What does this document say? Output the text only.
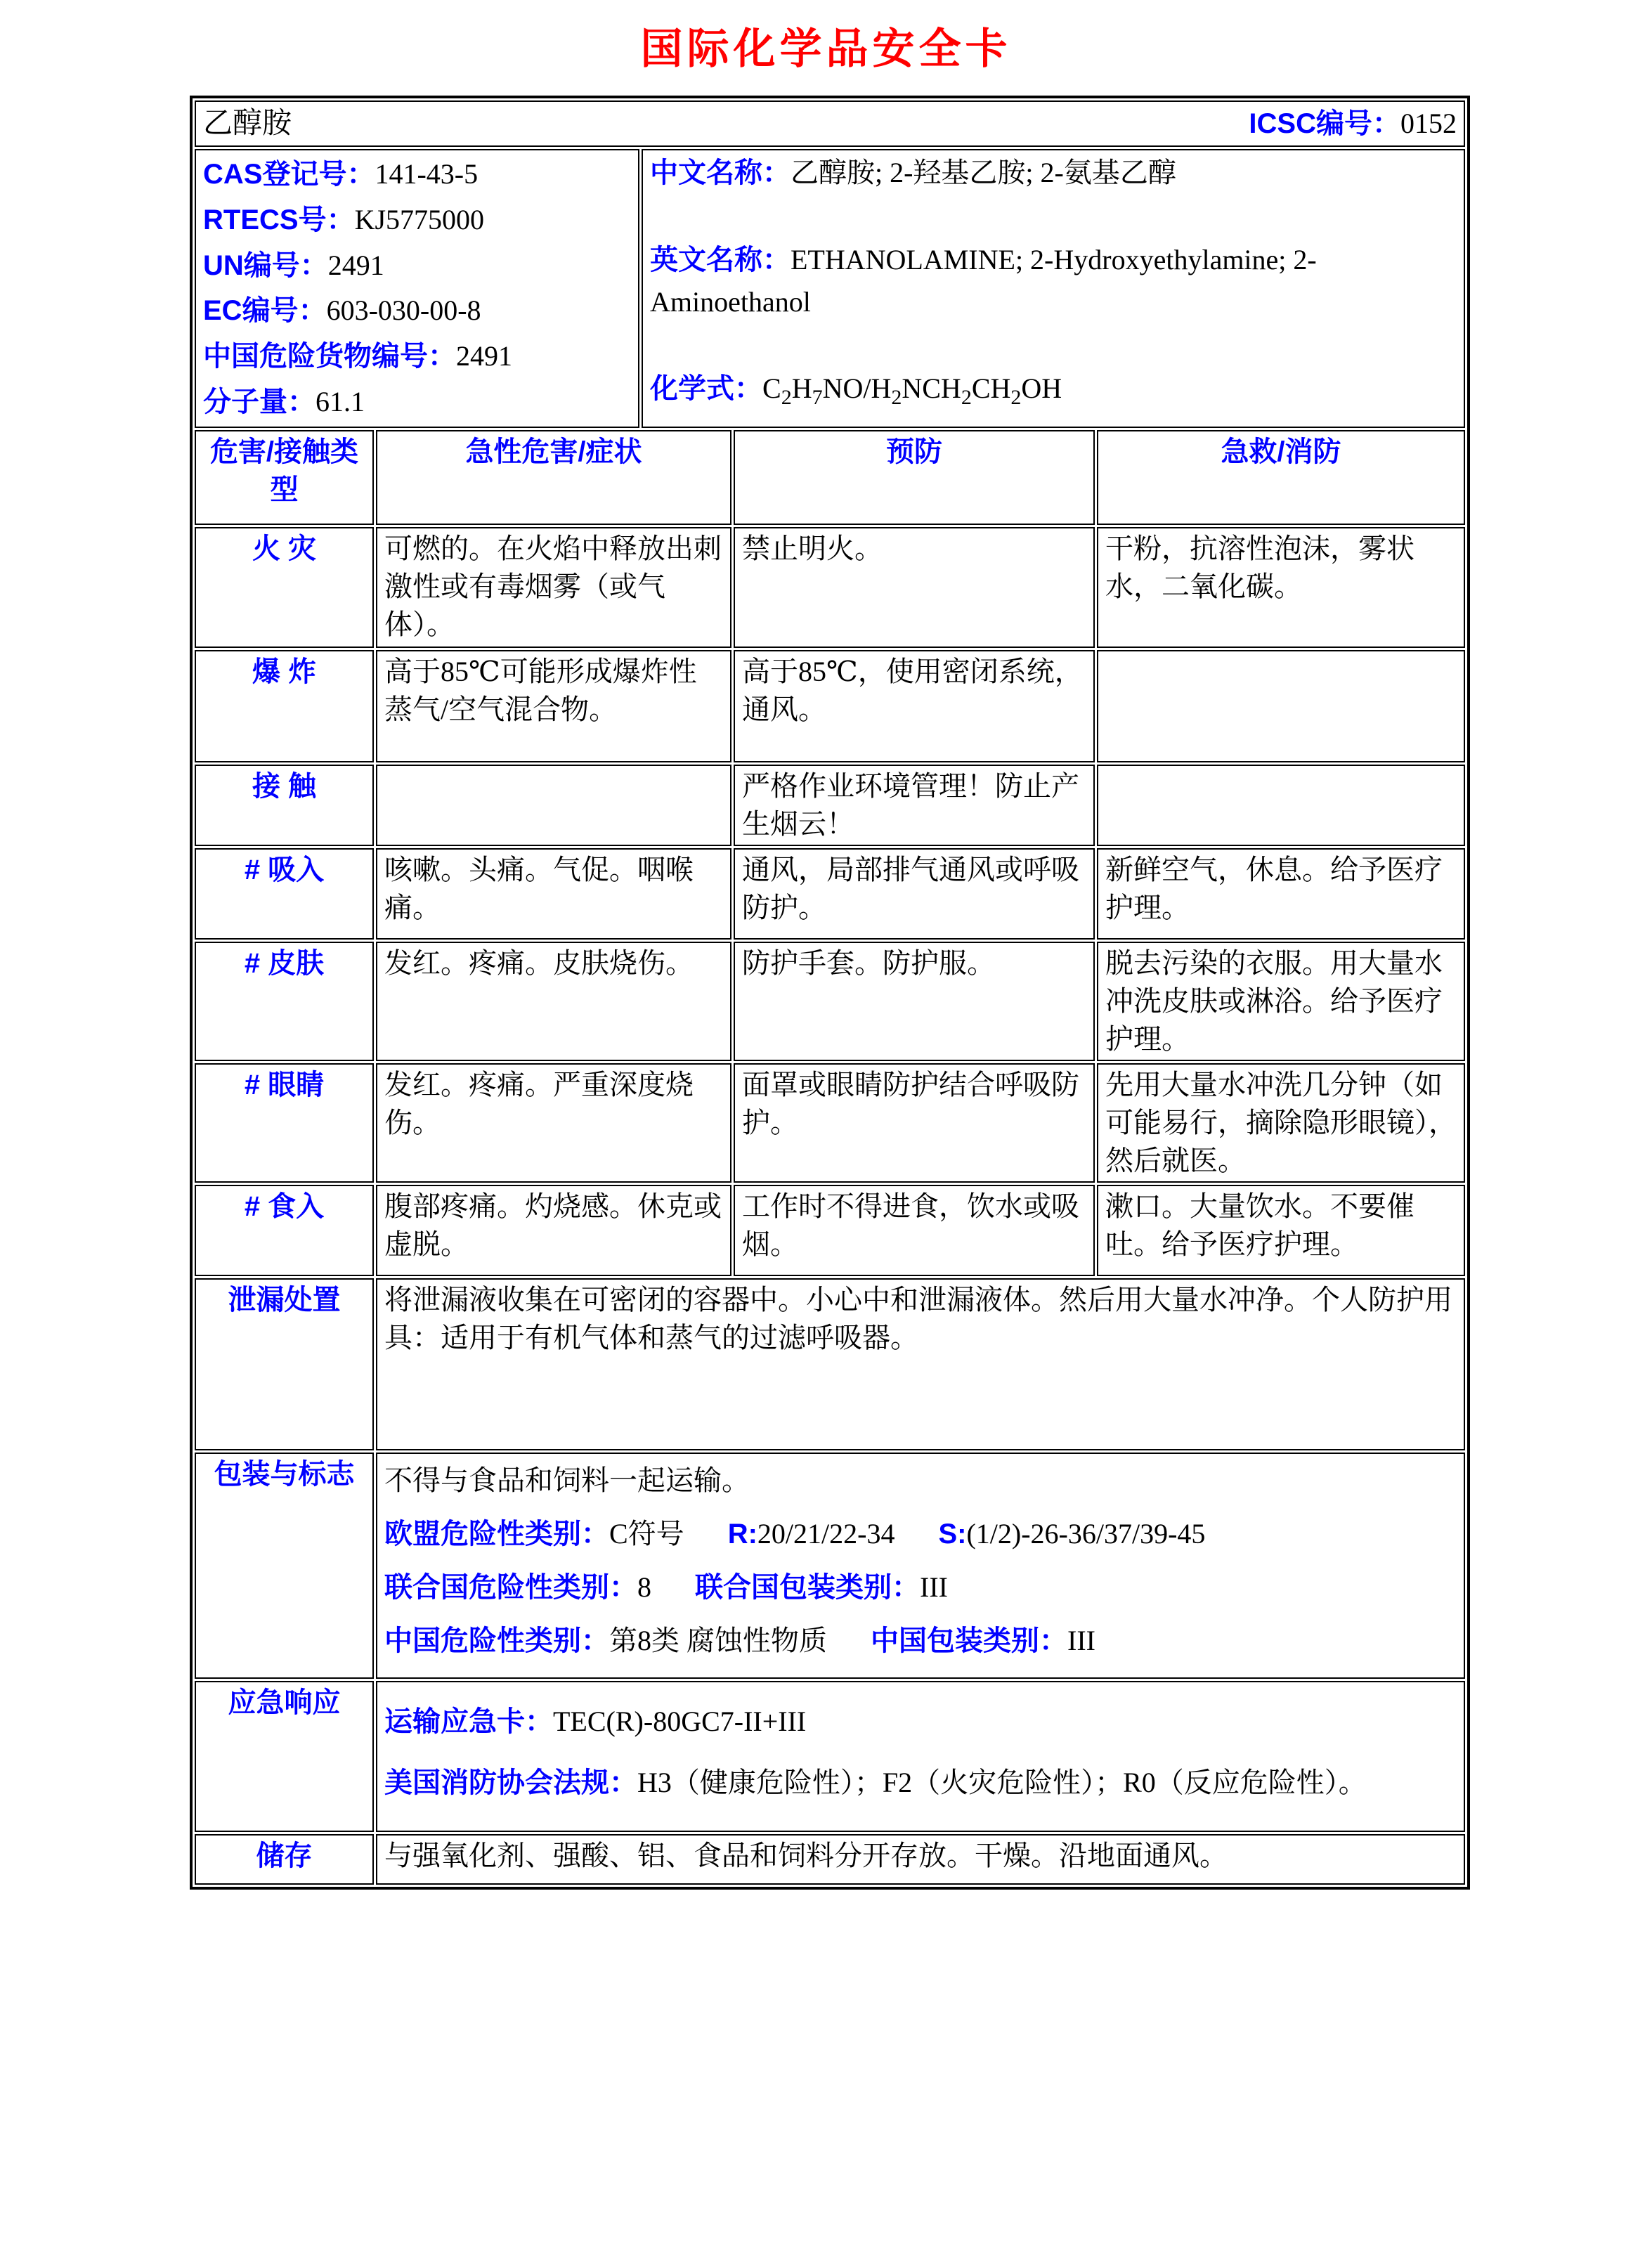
国际化学品安全卡
乙醇胺 ICSC编号：0152				

CAS登记号：141-43-5
RTECS号：KJ5775000
UN编号：2491
EC编号：603-030-00-8
中国危险货物编号：2491
分子量：61.1

中文名称：乙醇胺; 2-羟基乙胺; 2-氨基乙醇
英文名称：ETHANOLAMINE; 2-Hydroxyethylamine; 2-Aminoethanol
化学式：$C_2H_7NO/H_2NCH_2CH_2OH$

危害/接触类型	急性危害/症状		预防	急救/消防
火 灾	可燃的。在火焰中释放出刺激性或有毒烟雾（或气体）。		禁止明火。	干粉，抗溶性泡沫，雾状水，二氧化碳。
爆 炸	高于85℃可能形成爆炸性蒸气/空气混合物。		高于85℃，使用密闭系统，通风。	
接 触			严格作业环境管理！防止产生烟云！	
# 吸入	咳嗽。头痛。气促。咽喉痛。		通风，局部排气通风或呼吸防护。	新鲜空气，休息。给予医疗护理。
# 皮肤	发红。疼痛。皮肤烧伤。		防护手套。防护服。	脱去污染的衣服。用大量水冲洗皮肤或淋浴。给予医疗护理。
# 眼睛	发红。疼痛。严重深度烧伤。		面罩或眼睛防护结合呼吸防护。	先用大量水冲洗几分钟（如可能易行，摘除隐形眼镜），然后就医。
# 食入	腹部疼痛。灼烧感。休克或虚脱。		工作时不得进食，饮水或吸烟。	漱口。大量饮水。不要催吐。给予医疗护理。
泄漏处置	将泄漏液收集在可密闭的容器中。小心中和泄漏液体。然后用大量水冲净。个人防护用具：适用于有机气体和蒸气的过滤呼吸器。			
包装与标志	不得与食品和饲料一起运输。
欧盟危险性类别：C符号 R:20/21/22-34 S:(1/2)-26-36/37/39-45
联合国危险性类别：8 联合国包装类别：III
中国危险性类别：第8类 腐蚀性物质 中国包装类别：III			

应急响应	运输应急卡：TEC(R)-80GC7-II+III
美国消防协会法规：H3（健康危险性）；F2（火灾危险性）；R0（反应危险性）。			

储存	与强氧化剂、强酸、铝、食品和饲料分开存放。干燥。沿地面通风。			
